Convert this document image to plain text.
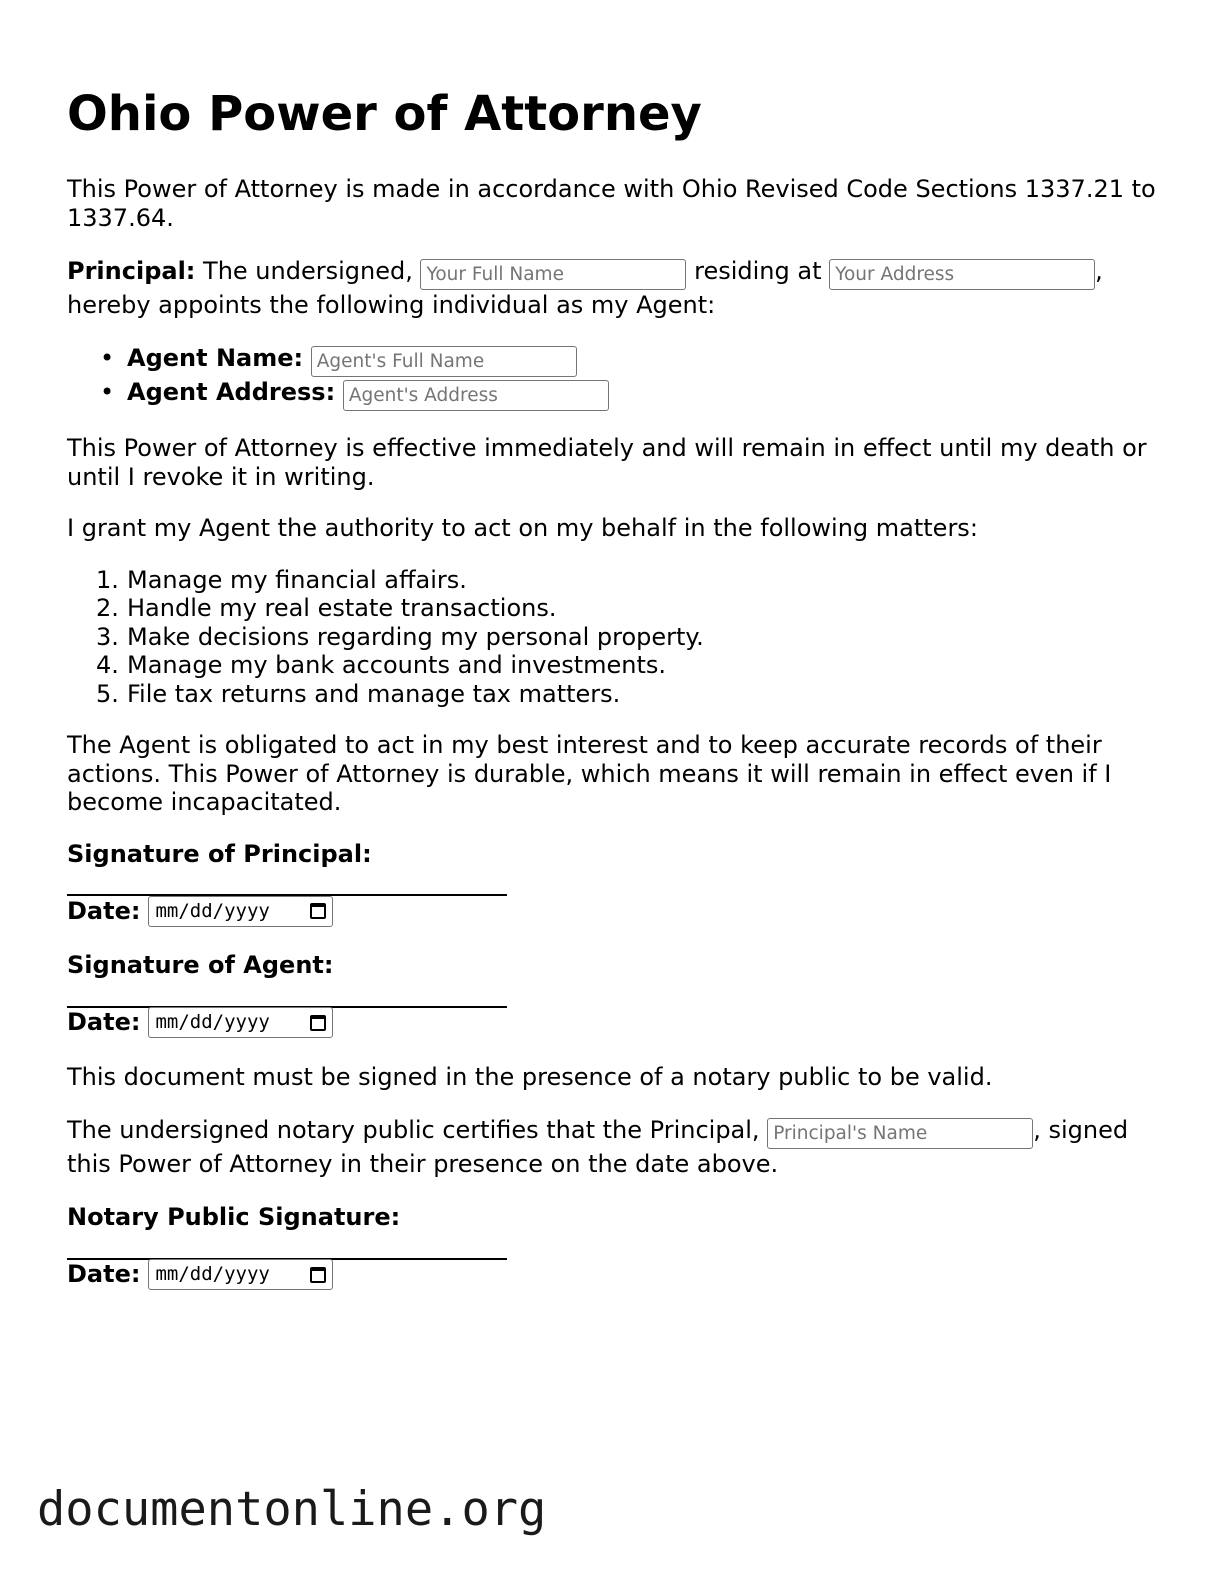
Ohio Power of Attorney

This Power of Attorney is made in accordance with Ohio Revised Code Sections 1337.21 to 1337.64.

Principal: The undersigned, Your Full Name	residing at Your Address	,
hereby appoints the following individual as my Agent:

• Agent Name: Agent's Full Name
• Agent Address: Agent's Address

This Power of Attorney is effective immediately and will remain in effect until my death or until I revoke it in writing.

I grant my Agent the authority to act on my behalf in the following matters:

1. Manage my financial affairs.
2. Handle my real estate transactions.
3. Make decisions regarding my personal property.
4. Manage my bank accounts and investments.
5. File tax returns and manage tax matters.

The Agent is obligated to act in my best interest and to keep accurate records of their actions. This Power of Attorney is durable, which means it will remain in effect even if I become incapacitated.

Signature of Principal:
Date: mm/dd/yyyy
Signature of Agent:
Date: mm/dd/yyyy

This document must be signed in the presence of a notary public to be valid.

The undersigned notary public certifies that the Principal, Principal's Name	, signed
this Power of Attorney in their presence on the date above.

Notary Public Signature:
Date: mm/dd/yyyy
documentonline.org
